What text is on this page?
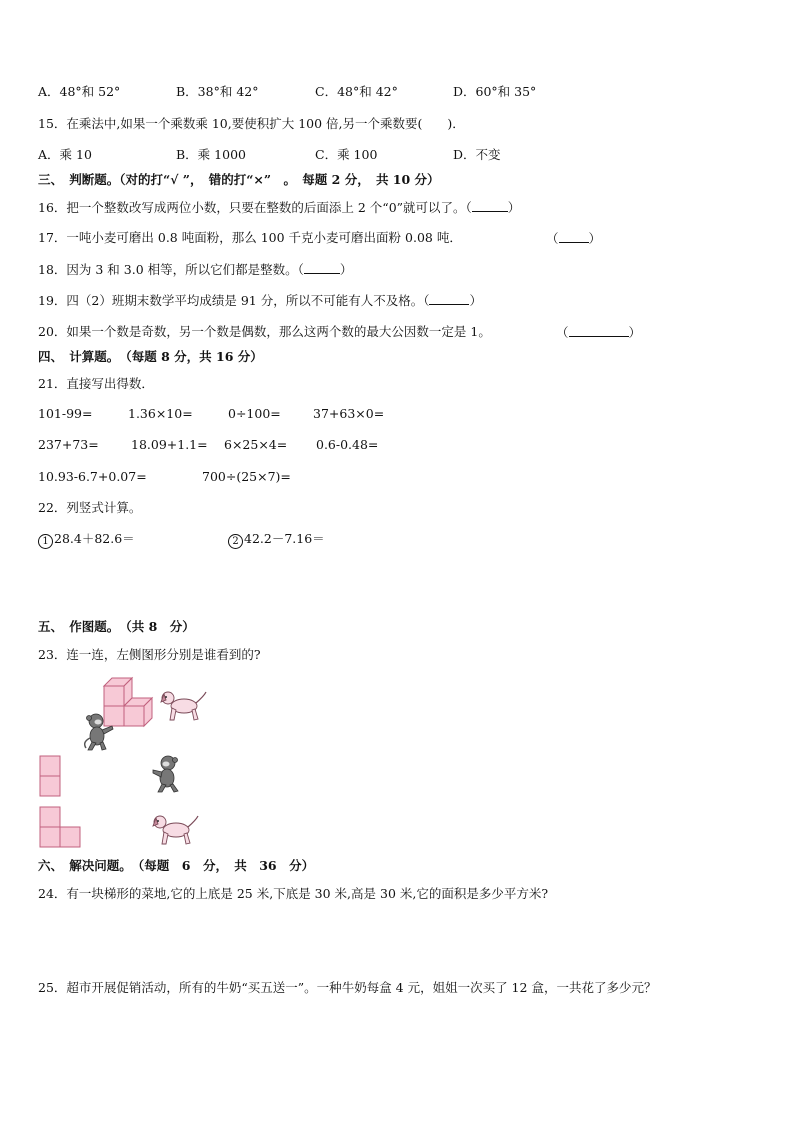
A．48°和 52°	B．38°和 42°	C．48°和 42°	D．60°和 35°
15．在乘法中,如果一个乘数乘 10,要使积扩大 100 倍,另一个乘数要(　　)．
A．乘 10	B．乘 1000	C．乘 100	D．不变
三、　判断题。（对的打“√ ”，　错的打“×”　。　每题 2 分，　共 10 分）
16．把一个整数改写成两位小数，只要在整数的后面添上 2 个“0”就可以了。（	）
17．一吨小麦可磨出 0.8 吨面粉，那么 100 千克小麦可磨出面粉 0.08 吨．	（ ）
18．因为 3 和 3.0 相等，所以它们都是整数。（	）
19．四（2）班期末数学平均成绩是 91 分，所以不可能有人不及格。（	）
20．如果一个数是奇数，另一个数是偶数，那么这两个数的最大公因数一定是 1。	（	）
四、　计算题。　（每题 8 分，共 16 分）
21．直接写出得数．
101-99=	1.36×10=	0÷100=	37+63×0=
237+73=	18.09+1.1= 6×25×4= 0.6-0.48=
10.93-6.7+0.07=	700÷(25×7)=
22．列竖式计算。
1 28.4＋82.6＝	2 42.2－7.16＝
五、　作图题。　（共 8　分）
23．连一连，左侧图形分别是谁看到的?
六、　解决问题。　（每题　6　分，　共　36　分）
24．有一块梯形的菜地,它的上底是 25 米,下底是 30 米,高是 30 米,它的面积是多少平方米?
25．超市开展促销活动，所有的牛奶“买五送一”。一种牛奶每盒 4 元，姐姐一次买了 12 盒，一共花了多少元？
